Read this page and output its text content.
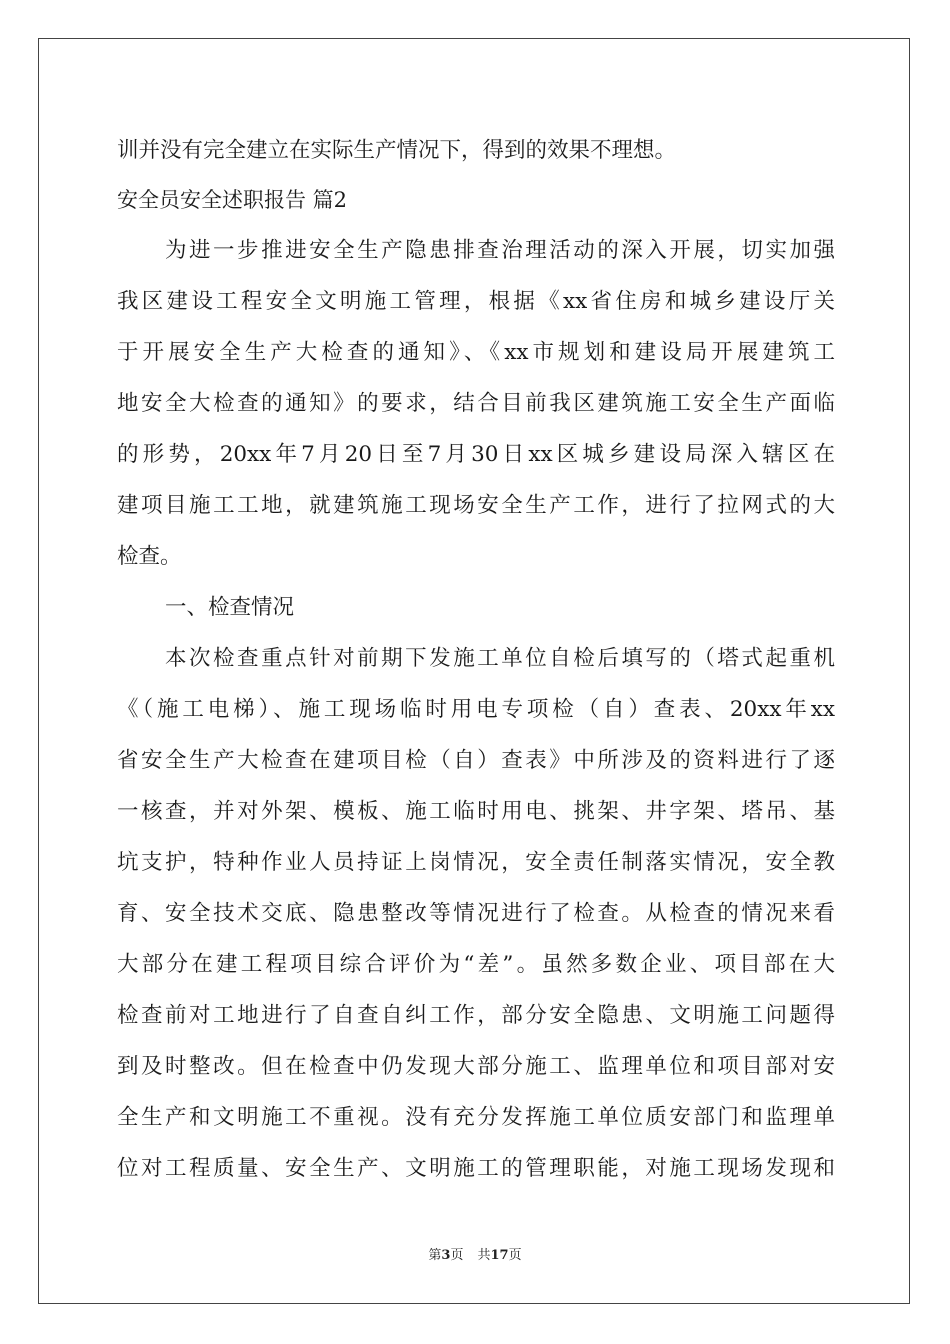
训并没有完全建立在实际生产情况下，得到的效果不理想。
安全员安全述职报告 篇2
为进一步推进安全生产隐患排查治理活动的深入开展，切实加强
我区建设工程安全文明施工管理，根据《xx省住房和城乡建设厅关
于开展安全生产大检查的通知》、《xx市规划和建设局开展建筑工
地安全大检查的通知》的要求，结合目前我区建筑施工安全生产面临
的形势，20xx年7月20日至7月30日xx区城乡建设局深入辖区在
建项目施工工地，就建筑施工现场安全生产工作，进行了拉网式的大
检查。
一、检查情况
本次检查重点针对前期下发施工单位自检后填写的（塔式起重机
《（施工电梯）、施工现场临时用电专项检（自）查表、20xx年xx
省安全生产大检查在建项目检（自）查表》中所涉及的资料进行了逐
一核查，并对外架、模板、施工临时用电、挑架、井字架、塔吊、基
坑支护，特种作业人员持证上岗情况，安全责任制落实情况，安全教
育、安全技术交底、隐患整改等情况进行了检查。从检查的情况来看
大部分在建工程项目综合评价为“差”。虽然多数企业、项目部在大
检查前对工地进行了自查自纠工作，部分安全隐患、文明施工问题得
到及时整改。但在检查中仍发现大部分施工、监理单位和项目部对安
全生产和文明施工不重视。没有充分发挥施工单位质安部门和监理单
位对工程质量、安全生产、文明施工的管理职能，对施工现场发现和
第3页 共17页
